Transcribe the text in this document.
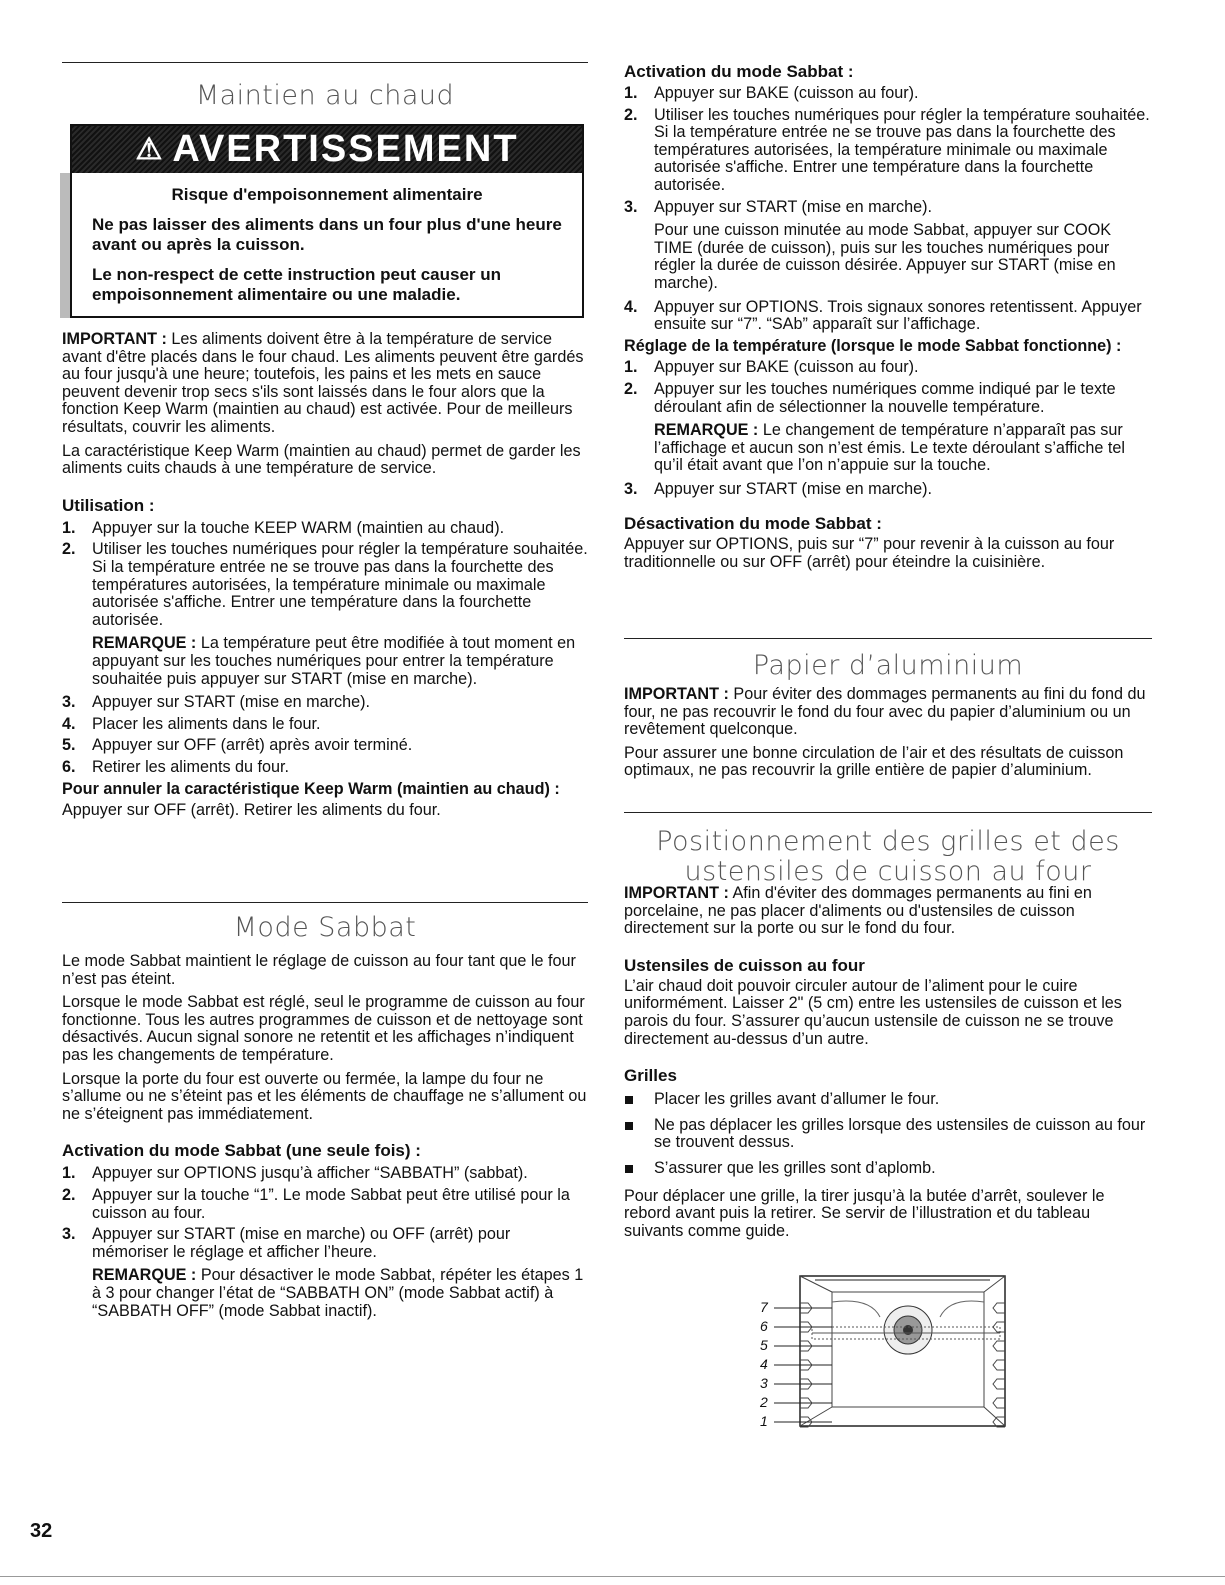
Maintien au chaud
⚠ AVERTISSEMENT
Risque d'empoisonnement alimentaire

Ne pas laisser des aliments dans un four plus d'une heure avant ou après la cuisson.

Le non-respect de cette instruction peut causer un empoisonnement alimentaire ou une maladie.

IMPORTANT : Les aliments doivent être à la température de service avant d'être placés dans le four chaud. Les aliments peuvent être gardés au four jusqu'à une heure; toutefois, les pains et les mets en sauce peuvent devenir trop secs s'ils sont laissés dans le four alors que la fonction Keep Warm (maintien au chaud) est activée. Pour de meilleurs résultats, couvrir les aliments.

La caractéristique Keep Warm (maintien au chaud) permet de garder les aliments cuits chauds à une température de service.

Utilisation :
1.	Appuyer sur la touche KEEP WARM (maintien au chaud).
2.	Utiliser les touches numériques pour régler la température souhaitée. Si la température entrée ne se trouve pas dans la fourchette des températures autorisées, la température minimale ou maximale autorisée s'affiche. Entrer une température dans la fourchette autorisée.

REMARQUE : La température peut être modifiée à tout moment en appuyant sur les touches numériques pour entrer la température souhaitée puis appuyer sur START (mise en marche).

3.	Appuyer sur START (mise en marche).
4.	Placer les aliments dans le four.
5.	Appuyer sur OFF (arrêt) après avoir terminé.
6.	Retirer les aliments du four.
Pour annuler la caractéristique Keep Warm (maintien au chaud) :

Appuyer sur OFF (arrêt). Retirer les aliments du four.

Mode Sabbat

Le mode Sabbat maintient le réglage de cuisson au four tant que le four n’est pas éteint.

Lorsque le mode Sabbat est réglé, seul le programme de cuisson au four fonctionne. Tous les autres programmes de cuisson et de nettoyage sont désactivés. Aucun signal sonore ne retentit et les affichages n’indiquent pas les changements de température.

Lorsque la porte du four est ouverte ou fermée, la lampe du four ne s’allume ou ne s’éteint pas et les éléments de chauffage ne s’allument ou ne s’éteignent pas immédiatement.

Activation du mode Sabbat (une seule fois) :
1.	Appuyer sur OPTIONS jusqu’à afficher “SABBATH” (sabbat).
2.	Appuyer sur la touche “1”. Le mode Sabbat peut être utilisé pour la cuisson au four.
3.	Appuyer sur START (mise en marche) ou OFF (arrêt) pour mémoriser le réglage et afficher l’heure.

REMARQUE : Pour désactiver le mode Sabbat, répéter les étapes 1 à 3 pour changer l’état de “SABBATH ON” (mode Sabbat actif) à “SABBATH OFF” (mode Sabbat inactif).

Activation du mode Sabbat :
1.	Appuyer sur BAKE (cuisson au four).
2.	Utiliser les touches numériques pour régler la température souhaitée. Si la température entrée ne se trouve pas dans la fourchette des températures autorisées, la température minimale ou maximale autorisée s'affiche. Entrer une température dans la fourchette autorisée.
3.	Appuyer sur START (mise en marche).

Pour une cuisson minutée au mode Sabbat, appuyer sur COOK TIME (durée de cuisson), puis sur les touches numériques pour régler la durée de cuisson désirée. Appuyer sur START (mise en marche).

4.	Appuyer sur OPTIONS. Trois signaux sonores retentissent. Appuyer ensuite sur “7”. “SAb” apparaît sur l’affichage.
Réglage de la température (lorsque le mode Sabbat fonctionne) :
1.	Appuyer sur BAKE (cuisson au four).
2.	Appuyer sur les touches numériques comme indiqué par le texte déroulant afin de sélectionner la nouvelle température.

REMARQUE : Le changement de température n’apparaît pas sur l’affichage et aucun son n’est émis. Le texte déroulant s’affiche tel qu’il était avant que l’on n’appuie sur la touche.

3.	Appuyer sur START (mise en marche).
Désactivation du mode Sabbat :

Appuyer sur OPTIONS, puis sur “7” pour revenir à la cuisson au four traditionnelle ou sur OFF (arrêt) pour éteindre la cuisinière.

Papier d’aluminium

IMPORTANT : Pour éviter des dommages permanents au fini du fond du four, ne pas recouvrir le fond du four avec du papier d’aluminium ou un revêtement quelconque.

Pour assurer une bonne circulation de l’air et des résultats de cuisson optimaux, ne pas recouvrir la grille entière de papier d’aluminium.

Positionnement des grilles et des
ustensiles de cuisson au four

IMPORTANT : Afin d'éviter des dommages permanents au fini en porcelaine, ne pas placer d'aliments ou d'ustensiles de cuisson directement sur la porte ou sur le fond du four.

Ustensiles de cuisson au four

L’air chaud doit pouvoir circuler autour de l’aliment pour le cuire uniformément. Laisser 2" (5 cm) entre les ustensiles de cuisson et les parois du four. S’assurer qu’aucun ustensile de cuisson ne se trouve directement au-dessus d’un autre.

Grilles
Placer les grilles avant d’allumer le four.
Ne pas déplacer les grilles lorsque des ustensiles de cuisson au four se trouvent dessus.
S’assurer que les grilles sont d’aplomb.

Pour déplacer une grille, la tirer jusqu’à la butée d’arrêt, soulever le rebord avant puis la retirer. Se servir de l’illustration et du tableau suivants comme guide.

7
6
5
4
3
2
1
32
